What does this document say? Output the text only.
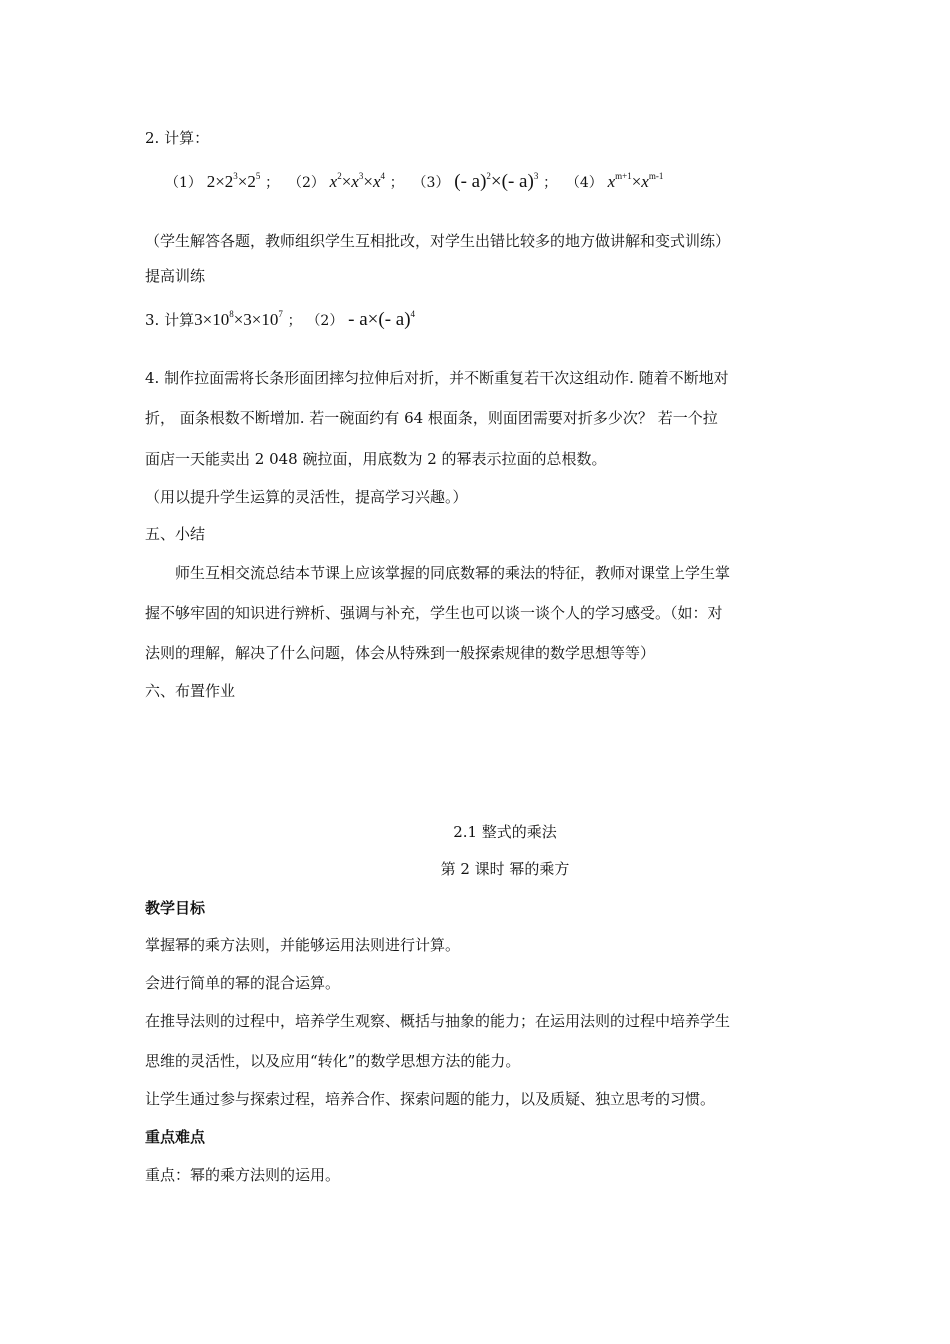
2. 计算：
（1） $2\times 2^3\times 2^5$ ； （2） $x^2\times x^3\times x^4$ ； （3） (- a)$^2$×(- a)$^3$ ； （4） $x^{m+1}\times x^{m-1}$
（学生解答各题，教师组织学生互相批改，对学生出错比较多的地方做讲解和变式训练）
提高训练
3. 计算$3\times 10^8\times 3\times 10^7$ ； （2） - a×(- a)$^4$
4. 制作拉面需将长条形面团摔匀拉伸后对折，并不断重复若干次这组动作. 随着不断地对
折， 面条根数不断增加. 若一碗面约有 64 根面条，则面团需要对折多少次？ 若一个拉
面店一天能卖出 2 048 碗拉面，用底数为 2 的幂表示拉面的总根数。
（用以提升学生运算的灵活性，提高学习兴趣。）
五、小结
师生互相交流总结本节课上应该掌握的同底数幂的乘法的特征，教师对课堂上学生掌
握不够牢固的知识进行辨析、强调与补充，学生也可以谈一谈个人的学习感受。（如：对
法则的理解，解决了什么问题，体会从特殊到一般探索规律的数学思想等等）
六、布置作业
2.1 整式的乘法
第 2 课时 幂的乘方
教学目标
掌握幂的乘方法则，并能够运用法则进行计算。
会进行简单的幂的混合运算。
在推导法则的过程中，培养学生观察、概括与抽象的能力；在运用法则的过程中培养学生
思维的灵活性，以及应用“转化”的数学思想方法的能力。
让学生通过参与探索过程，培养合作、探索问题的能力，以及质疑、独立思考的习惯。
重点难点
重点：幂的乘方法则的运用。
